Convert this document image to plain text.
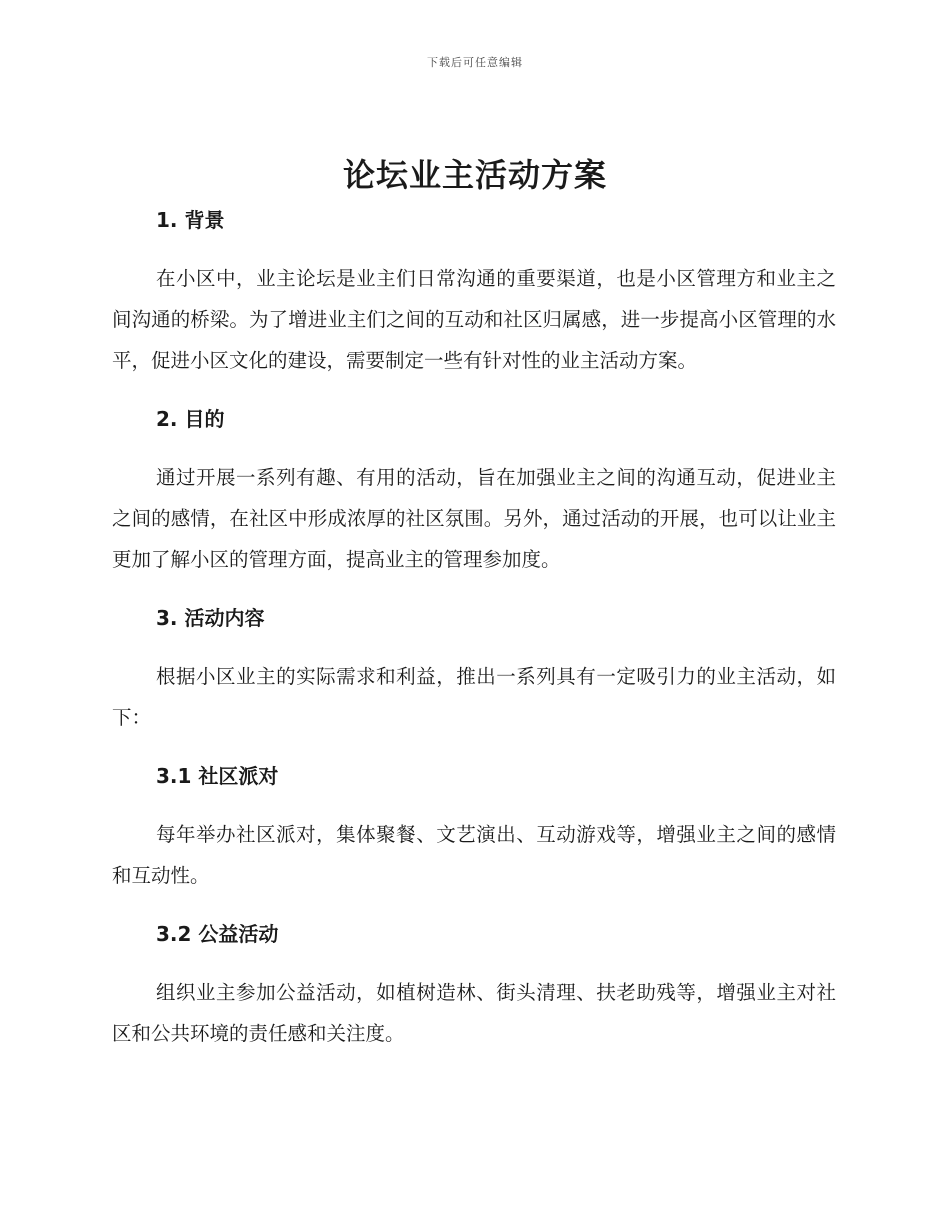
下载后可任意编辑
论坛业主活动方案
1. 背景

在小区中，业主论坛是业主们日常沟通的重要渠道，也是小区管理方和业主之间沟通的桥梁。为了增进业主们之间的互动和社区归属感，进一步提高小区管理的水平，促进小区文化的建设，需要制定一些有针对性的业主活动方案。

2. 目的

通过开展一系列有趣、有用的活动，旨在加强业主之间的沟通互动，促进业主之间的感情，在社区中形成浓厚的社区氛围。另外，通过活动的开展，也可以让业主更加了解小区的管理方面，提高业主的管理参加度。

3. 活动内容

根据小区业主的实际需求和利益，推出一系列具有一定吸引力的业主活动，如下：

3.1 社区派对

每年举办社区派对，集体聚餐、文艺演出、互动游戏等，增强业主之间的感情和互动性。

3.2 公益活动

组织业主参加公益活动，如植树造林、街头清理、扶老助残等，增强业主对社区和公共环境的责任感和关注度。
